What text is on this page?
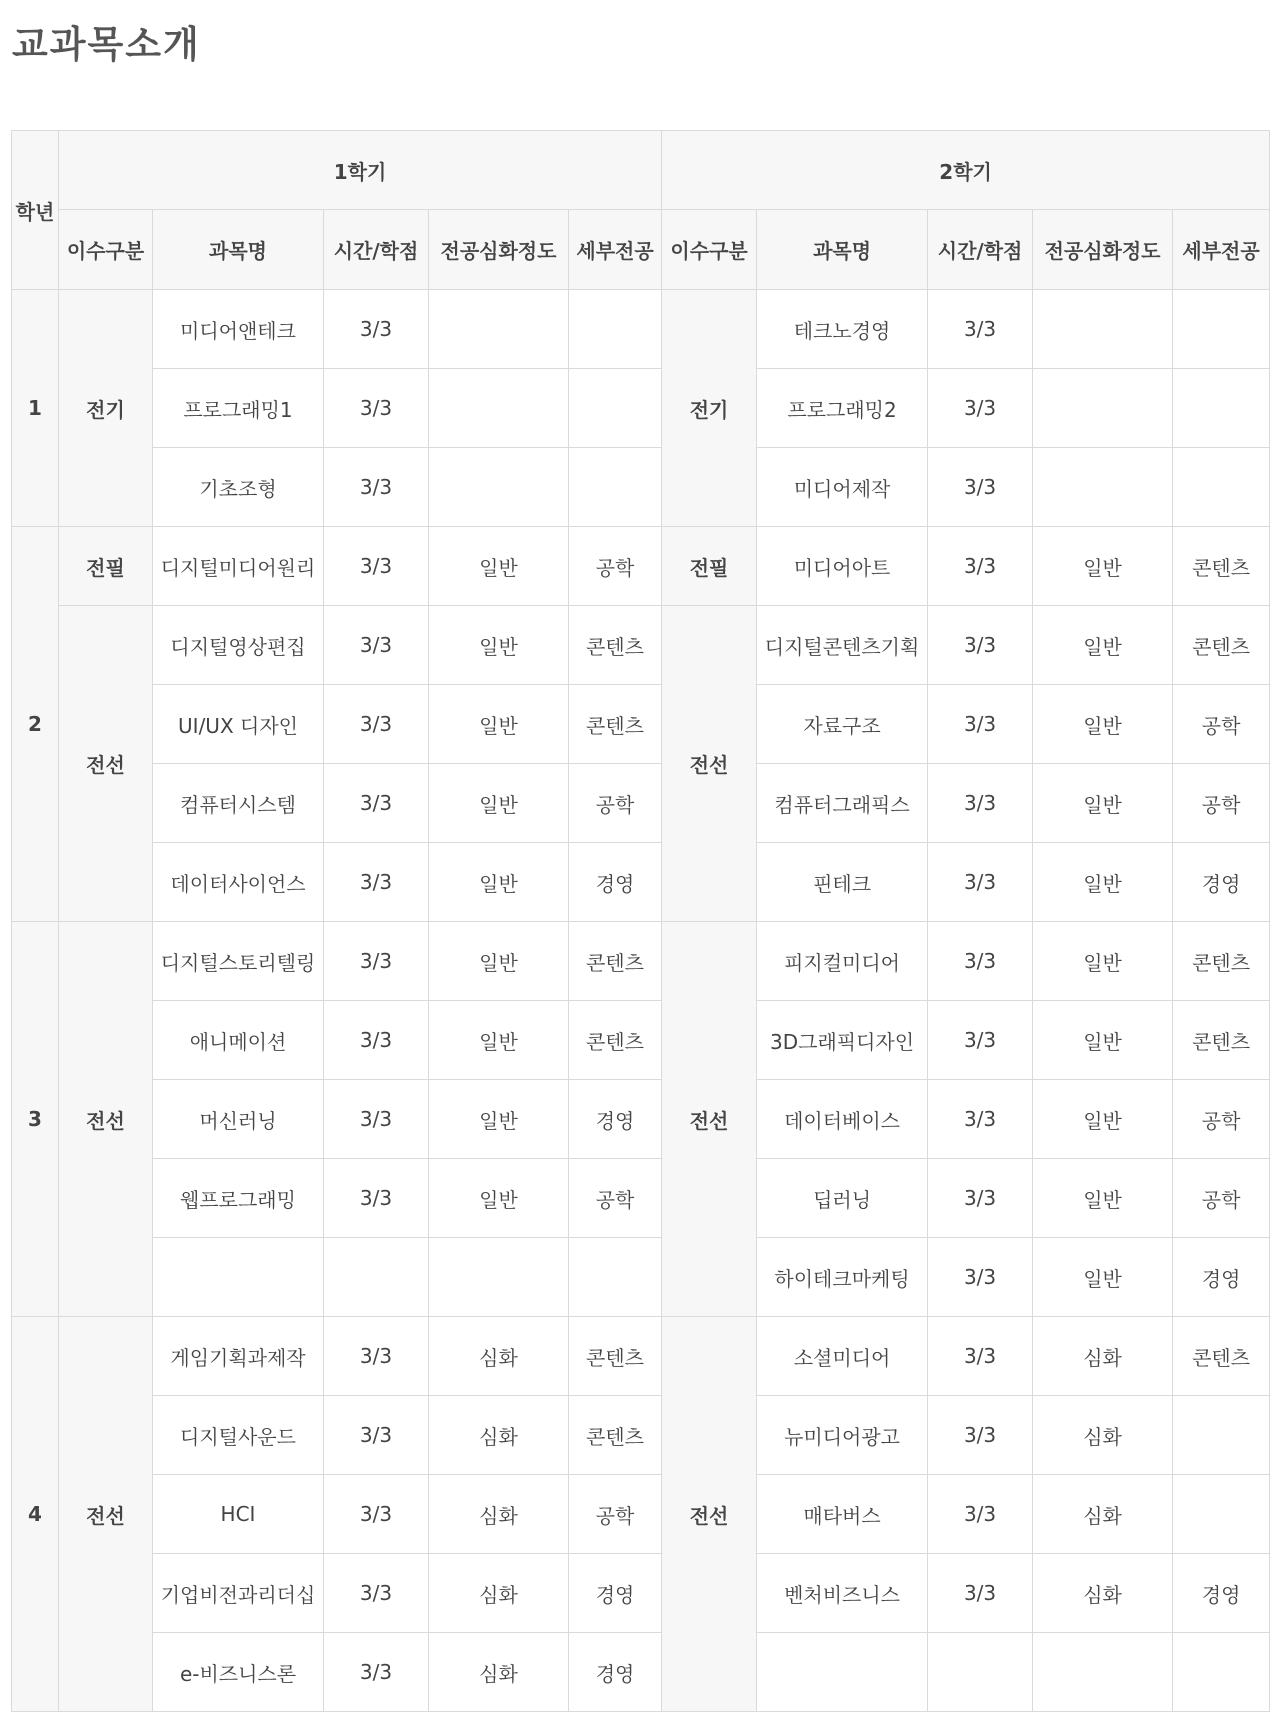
교과목소개
학년	1학기					2학기				
	이수구분	과목명	시간/학점	전공심화정도	세부전공	이수구분	과목명	시간/학점	전공심화정도	세부전공
1	전기	미디어앤테크	3/3			전기	테크노경영	3/3		
		프로그래밍1	3/3				프로그래밍2	3/3		
		기초조형	3/3				미디어제작	3/3		
2	전필	디지털미디어원리	3/3	일반	공학	전필	미디어아트	3/3	일반	콘텐츠
	전선	디지털영상편집	3/3	일반	콘텐츠	전선	디지털콘텐츠기획	3/3	일반	콘텐츠
		UI/UX 디자인	3/3	일반	콘텐츠		자료구조	3/3	일반	공학
		컴퓨터시스템	3/3	일반	공학		컴퓨터그래픽스	3/3	일반	공학
		데이터사이언스	3/3	일반	경영		핀테크	3/3	일반	경영
3	전선	디지털스토리텔링	3/3	일반	콘텐츠	전선	피지컬미디어	3/3	일반	콘텐츠
		애니메이션	3/3	일반	콘텐츠		3D그래픽디자인	3/3	일반	콘텐츠
		머신러닝	3/3	일반	경영		데이터베이스	3/3	일반	공학
		웹프로그래밍	3/3	일반	공학		딥러닝	3/3	일반	공학
							하이테크마케팅	3/3	일반	경영
4	전선	게임기획과제작	3/3	심화	콘텐츠	전선	소셜미디어	3/3	심화	콘텐츠
		디지털사운드	3/3	심화	콘텐츠		뉴미디어광고	3/3	심화	
		HCI	3/3	심화	공학		매타버스	3/3	심화	
		기업비전과리더십	3/3	심화	경영		벤처비즈니스	3/3	심화	경영
		e-비즈니스론	3/3	심화	경영					
